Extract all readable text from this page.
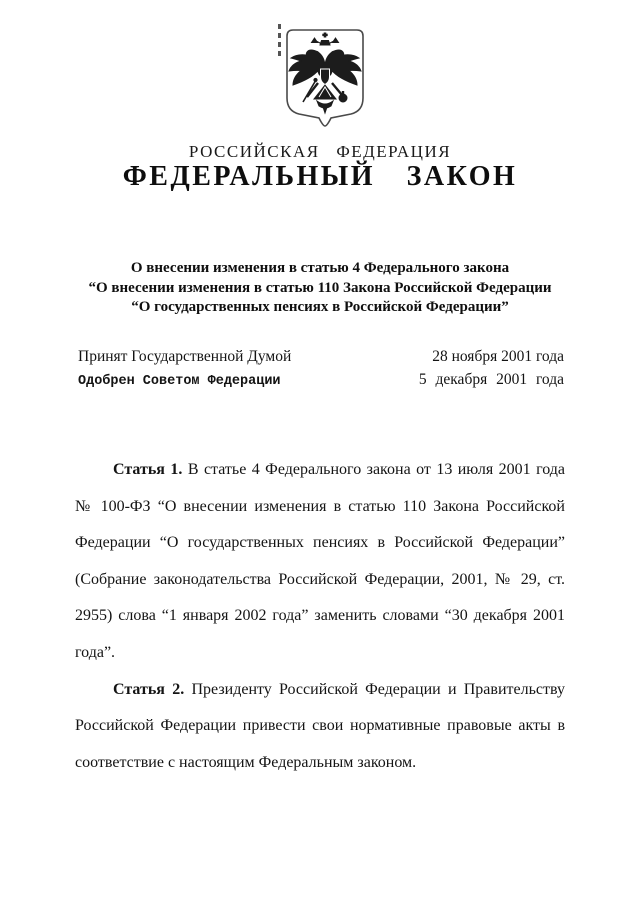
РОССИЙСКАЯ ФЕДЕРАЦИЯ
ФЕДЕРАЛЬНЫЙ ЗАКОН
О внесении изменения в статью 4 Федерального закона
“О внесении изменения в статью 110 Закона Российской Федерации
“О государственных пенсиях в Российской Федерации”
Принят Государственной Думой	28 ноября 2001 года
Одобрен Советом Федерации	5 декабря 2001 года

Статья 1. В статье 4 Федерального закона от 13 июля 2001 года № 100-ФЗ “О внесении изменения в статью 110 Закона Российской Федерации “О государственных пенсиях в Российской Федерации” (Собрание законодательства Российской Федерации, 2001, № 29, ст. 2955) слова “1 января 2002 года” заменить словами “30 декабря 2001 года”.

Статья 2. Президенту Российской Федерации и Правительству Российской Федерации привести свои нормативные правовые акты в соответствие с настоящим Федеральным законом.
